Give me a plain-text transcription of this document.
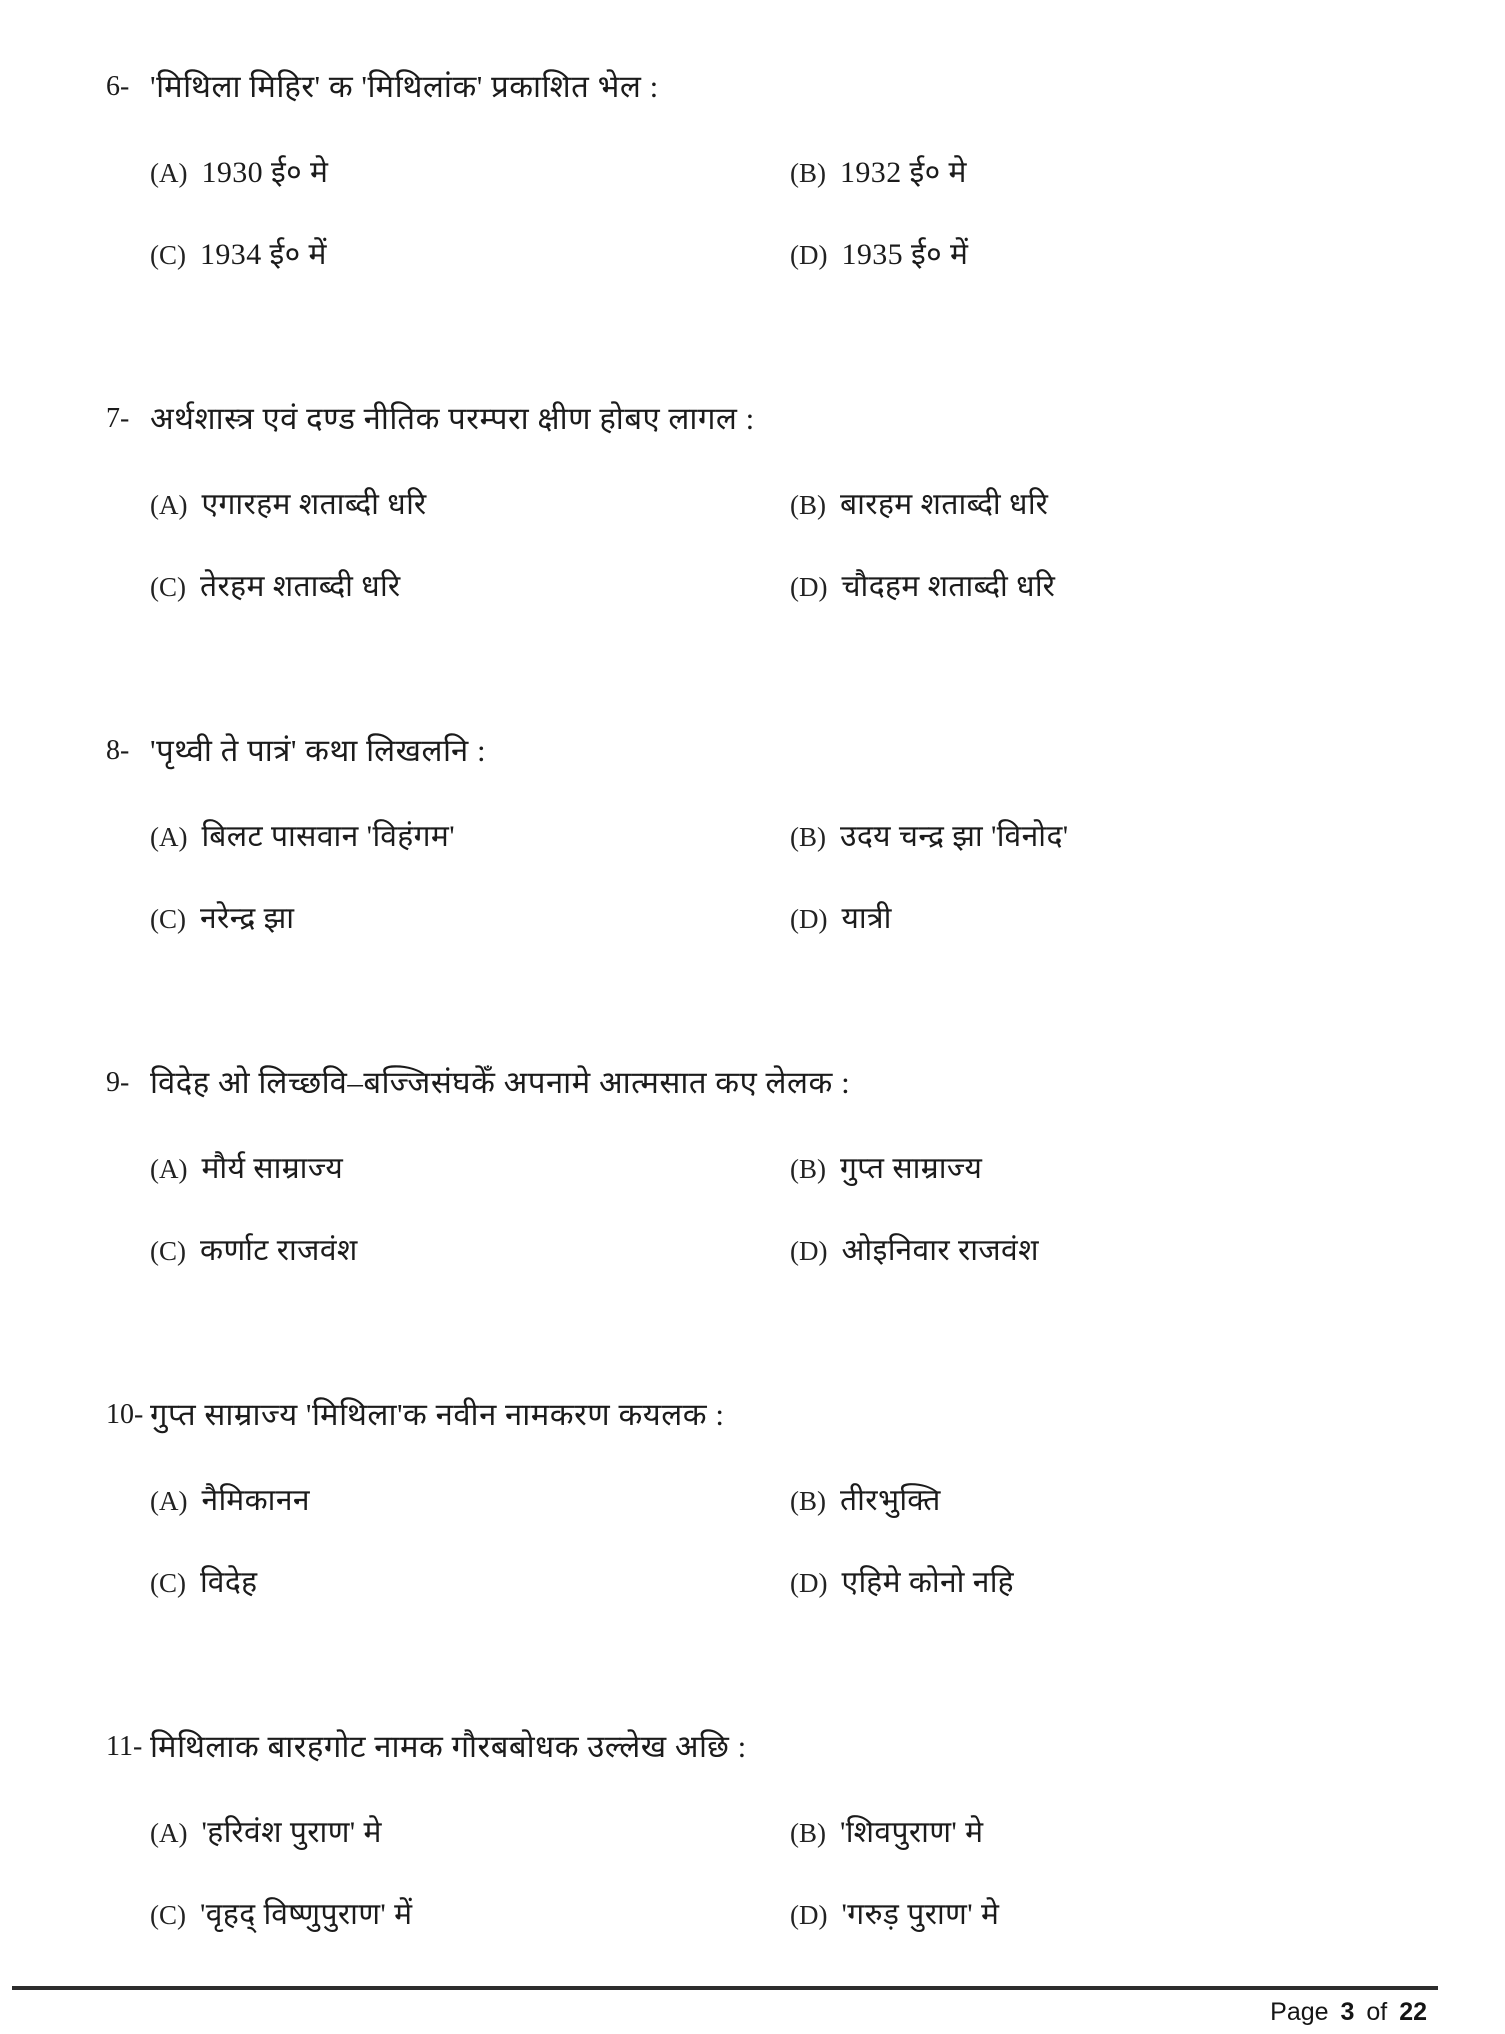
6- 'मिथिला मिहिर' क 'मिथिलांक' प्रकाशित भेल :
(A) 1930 ई० मे	(B) 1932 ई० मे
(C) 1934 ई० में	(D) 1935 ई० में
7- अर्थशास्त्र एवं दण्ड नीतिक परम्परा क्षीण होबए लागल :
(A) एगारहम शताब्दी धरि	(B) बारहम शताब्दी धरि
(C) तेरहम शताब्दी धरि	(D) चौदहम शताब्दी धरि
8- 'पृथ्वी ते पात्रं' कथा लिखलनि :
(A) बिलट पासवान 'विहंगम'	(B) उदय चन्द्र झा 'विनोद'
(C) नरेन्द्र झा	(D) यात्री
9- विदेह ओ लिच्छवि–बज्जिसंघकेँ अपनामे आत्मसात कए लेलक :
(A) मौर्य साम्राज्य	(B) गुप्त साम्राज्य
(C) कर्णाट राजवंश	(D) ओइनिवार राजवंश
10- गुप्त साम्राज्य 'मिथिला'क नवीन नामकरण कयलक :
(A) नैमिकानन	(B) तीरभुक्ति
(C) विदेह	(D) एहिमे कोनो नहि
11- मिथिलाक बारहगोट नामक गौरबबोधक उल्लेख अछि :
(A) 'हरिवंश पुराण' मे	(B) 'शिवपुराण' मे
(C) 'वृहद् विष्णुपुराण' में	(D) 'गरुड़ पुराण' मे
Page 3 of 22
